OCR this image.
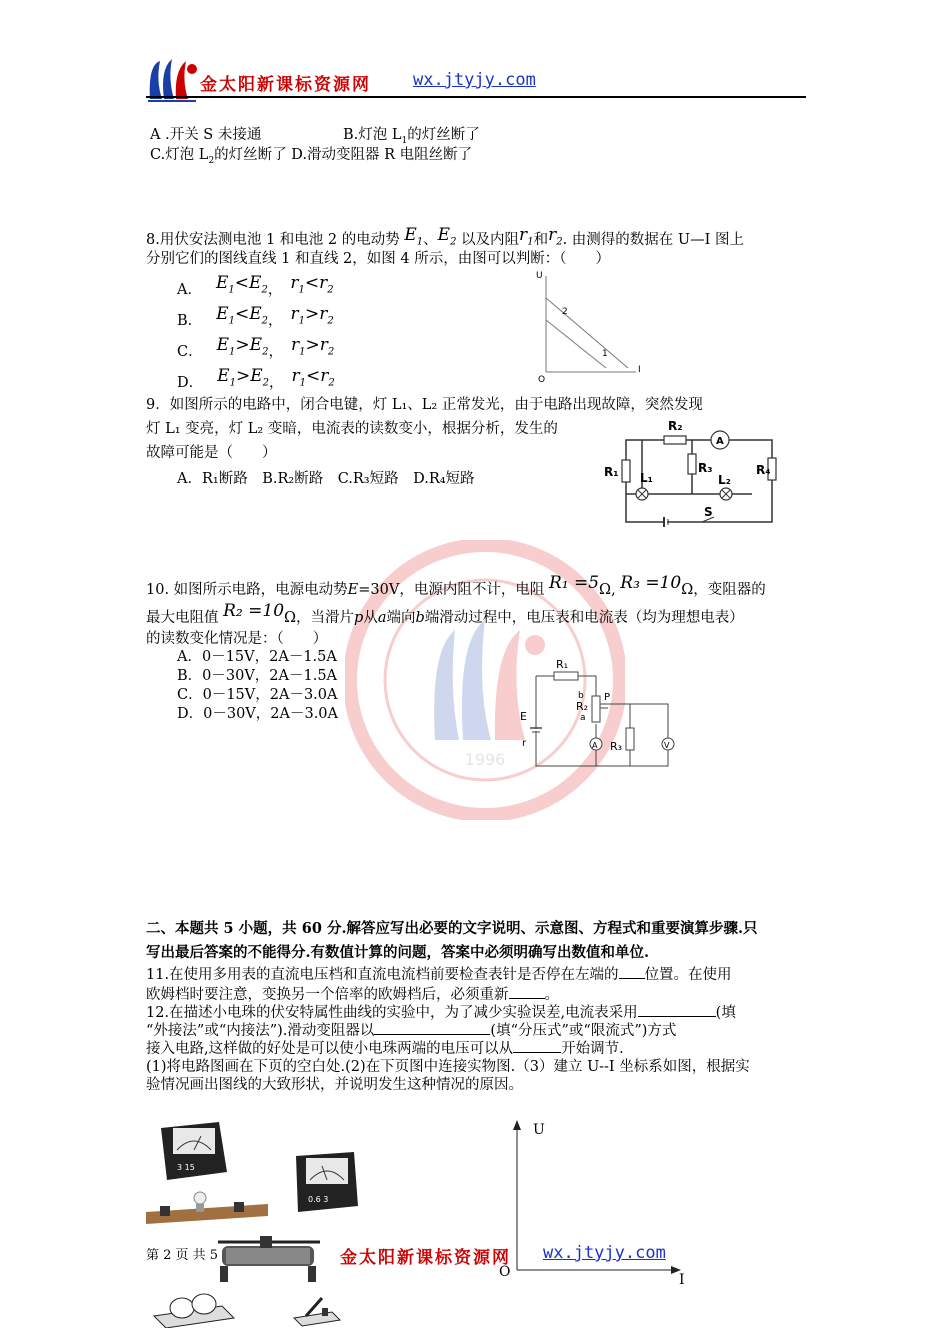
金太阳新课标资源网 wx.jtyjy.com
1996
A .开关 S 未接通	B.灯泡 $L_1$的灯丝断了
C.灯泡 $L_2$的灯丝断了 D.滑动变阻器 R 电阻丝断了
8.用伏安法测电池 1 和电池 2 的电动势 $E_1$、$E_2$ 以及内阻$r_1$和$r_2$. 由测得的数据在 U—I 图上
分别它们的图线直线 1 和直线 2，如图 4 所示，由图可以判断：（　　）
A． $E_1<E_2$， $r_1<r_2$
B． $E_1<E_2$， $r_1>r_2$
C． $E_1>E_2$， $r_1>r_2$
D． $E_1>E_2$， $r_1<r_2$
U
I
O
2
1
9．如图所示的电路中，闭合电键，灯 L₁、L₂ 正常发光，由于电路出现故障，突然发现
灯 L₁ 变亮，灯 L₂ 变暗，电流表的读数变小，根据分析，发生的
故障可能是（　　）
A．R₁断路　B.R₂断路　C.R₃短路　D.R₄短路
R₂
A
R₁ L₁
R₃
L₂
R₄
S
10. 如图所示电路，电源电动势E=30V，电源内阻不计，电阻 R₁ =5Ω, R₃ =10Ω，变阻器的
最大电阻值 R₂ =10Ω，当滑片p从a端向b端滑动过程中，电压表和电流表（均为理想电表）
的读数变化情况是：（　　）
A．0－15V，2A－1.5A
B．0－30V，2A－1.5A
C．0－15V，2A－3.0A
D．0－30V，2A－3.0A
R₁
b
R₂
a
P
E
r	R₃
A	V
二、本题共 5 小题，共 60 分.解答应写出必要的文字说明、示意图、方程式和重要演算步骤.只
写出最后答案的不能得分.有数值计算的问题，答案中必须明确写出数值和单位.
11.在使用多用表的直流电压档和直流电流档前要检查表针是否停在左端的 位置。在使用
欧姆档时要注意，变换另一个倍率的欧姆档后，必须重新 。
12.在描述小电珠的伏安特属性曲线的实验中，为了减少实验误差,电流表采用	(填
“外接法”或“内接法”).滑动变阻器以	(填“分压式”或“限流式”)方式
接入电路,这样做的好处是可以使小电珠两端的电压可以从	开始调节.
(1)将电路图画在下页的空白处.(2)在下页图中连接实物图.（3）建立 U--I 坐标系如图，根据实
验情况画出图线的大致形状，并说明发生这种情况的原因。
3 15
0.6 3
U
I
O
第 2 页 共 5	金太阳新课标资源网 wx.jtyjy.com
